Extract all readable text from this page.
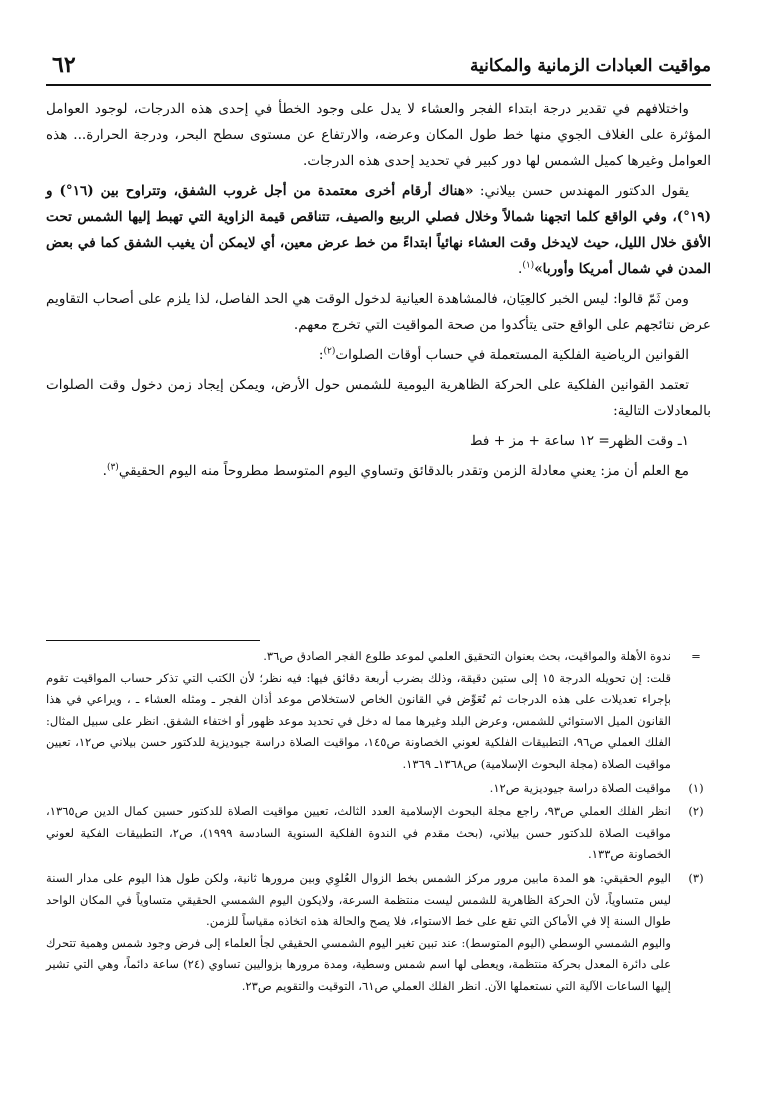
مواقيت العبادات الزمانية والمكانية
٦٢

واختلافهم في تقدير درجة ابتداء الفجر والعشاء لا يدل على وجود الخطأ في إحدى هذه الدرجات، لوجود العوامل المؤثرة على الغلاف الجوي منها خط طول المكان وعرضه، والارتفاع عن مستوى سطح البحر، ودرجة الحرارة... هذه العوامل وغيرها كميل الشمس لها دور كبير في تحديد إحدى هذه الدرجات.

يقول الدكتور المهندس حسن بيلاني: «هناك أرقام أخرى معتمدة من أجل غروب الشفق، وتتراوح بين (١٦°) و (١٩°)، وفي الواقع كلما اتجهنا شمالاً وخلال فصلي الربيع والصيف، تتناقص قيمة الزاوية التي تهبط إليها الشمس تحت الأفق خلال الليل، حيث لايدخل وقت العشاء نهائياً ابتداءً من خط عرض معين، أي لايمكن أن يغيب الشفق كما في بعض المدن في شمال أمريكا وأوربا»$^{(١)}$.

ومن ثَمّ قالوا: ليس الخبر كالعِيَان، فالمشاهدة العيانية لدخول الوقت هي الحد الفاصل، لذا يلزم على أصحاب التقاويم عرض نتائجهم على الواقع حتى يتأكدوا من صحة المواقيت التي تخرج معهم.

القوانين الرياضية الفلكية المستعملة في حساب أوقات الصلوات$^{(٢)}$:

تعتمد القوانين الفلكية على الحركة الظاهرية اليومية للشمس حول الأرض، ويمكن إيجاد زمن دخول وقت الصلوات بالمعادلات التالية:

١ـ وقت الظهر= ١٢ ساعة + مز + فط

مع العلم أن مز: يعني معادلة الزمن وتقدر بالدقائق وتساوي اليوم المتوسط مطروحاً منه اليوم الحقيقي$^{(٣)}$.

=

ندوة الأهلة والمواقيت، بحث بعنوان التحقيق العلمي لموعد طلوع الفجر الصادق ص٣٦.

قلت: إن تحويله الدرجة ١٥ إلى ستين دقيقة، وذلك بضرب أربعة دقائق فيها: فيه نظر؛ لأن الكتب التي تذكر حساب المواقيت تقوم بإجراء تعديلات على هذه الدرجات ثم تُعَوِّض في القانون الخاص لاستخلاص موعد أذان الفجر ـ ومثله العشاء ـ ، ويراعي في هذا القانون الميل الاستوائي للشمس، وعرض البلد وغيرها مما له دخل في تحديد موعد ظهور أو اختفاء الشفق. انظر على سبيل المثال: الفلك العملي ص٩٦، التطبيقات الفلكية لعوني الخصاونة ص١٤٥، مواقيت الصلاة دراسة جيوديزية للدكتور حسن بيلاني ص١٢، تعيين مواقيت الصلاة (مجلة البحوث الإسلامية) ص١٣٦٨ـ ١٣٦٩.

(١)

مواقيت الصلاة دراسة جيوديزية ص١٢.

(٢)

انظر الفلك العملي ص٩٣، راجع مجلة البحوث الإسلامية العدد الثالث، تعيين مواقيت الصلاة للدكتور حسين كمال الدين ص١٣٦٥، مواقيت الصلاة للدكتور حسن بيلاني، (بحث مقدم في الندوة الفلكية السنوية السادسة ١٩٩٩)، ص٢، التطبيقات الفكية لعوني الخصاونة ص١٣٣.

(٣)

اليوم الحقيقي: هو المدة مابين مرور مركز الشمس بخط الزوال العُلوِي وبين مرورها ثانية، ولكن طول هذا اليوم على مدار السنة ليس متساوياً، لأن الحركة الظاهرية للشمس ليست منتظمة السرعة، ولايكون اليوم الشمسي الحقيقي متساوياً في المكان الواحد طوال السنة إلا في الأماكن التي تقع على خط الاستواء، فلا يصح والحالة هذه اتخاذه مقياساً للزمن.

واليوم الشمسي الوسطي (اليوم المتوسط): عند تبين تغير اليوم الشمسي الحقيقي لجأ العلماء إلى فرض وجود شمس وهمية تتحرك على دائرة المعدل بحركة منتظمة، ويعطى لها اسم شمس وسطية، ومدة مرورها بزواليين تساوي (٢٤) ساعة دائماً، وهي التي تشير إليها الساعات الآلية التي نستعملها الآن. انظر الفلك العملي ص٦١، التوقيت والتقويم ص٢٣.
